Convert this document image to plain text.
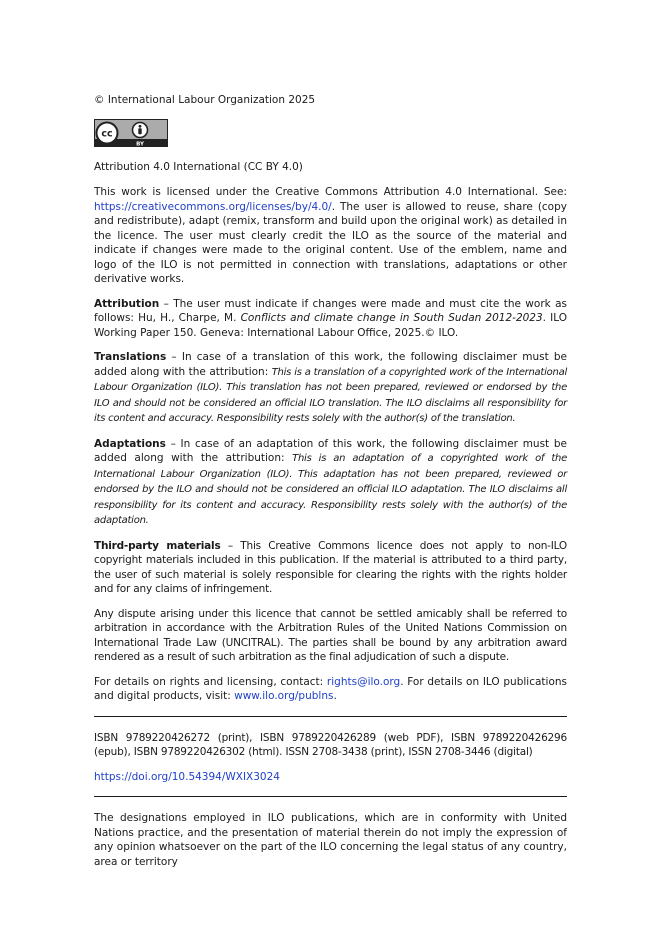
© International Labour Organization 2025

cc
BY

Attribution 4.0 International (CC BY 4.0)

This work is licensed under the Creative Commons Attribution 4.0 International. See: https://creativecommons.org/licenses/by/4.0/. The user is allowed to reuse, share (copy and redistribute), adapt (remix, transform and build upon the original work) as detailed in the licence. The user must clearly credit the ILO as the source of the material and indicate if changes were made to the original content. Use of the emblem, name and logo of the ILO is not permitted in connection with translations, adaptations or other derivative works.

Attribution – The user must indicate if changes were made and must cite the work as follows: Hu, H., Charpe, M. Conflicts and climate change in South Sudan 2012-2023. ILO Working Paper 150. Geneva: International Labour Office, 2025.© ILO.

Translations – In case of a translation of this work, the following disclaimer must be added along with the attribution: This is a translation of a copyrighted work of the International Labour Organization (ILO). This translation has not been prepared, reviewed or endorsed by the ILO and should not be considered an official ILO translation. The ILO disclaims all responsibility for its content and accuracy. Responsibility rests solely with the author(s) of the translation.

Adaptations – In case of an adaptation of this work, the following disclaimer must be added along with the attribution: This is an adaptation of a copyrighted work of the International Labour Organization (ILO). This adaptation has not been prepared, reviewed or endorsed by the ILO and should not be considered an official ILO adaptation. The ILO disclaims all responsibility for its content and accuracy. Responsibility rests solely with the author(s) of the adaptation.

Third-party materials – This Creative Commons licence does not apply to non-ILO copyright materials included in this publication. If the material is attributed to a third party, the user of such material is solely responsible for clearing the rights with the rights holder and for any claims of infringement.

Any dispute arising under this licence that cannot be settled amicably shall be referred to arbitration in accordance with the Arbitration Rules of the United Nations Commission on International Trade Law (UNCITRAL). The parties shall be bound by any arbitration award rendered as a result of such arbitration as the final adjudication of such a dispute.

For details on rights and licensing, contact: rights@ilo.org. For details on ILO publications and digital products, visit: www.ilo.org/publns.

ISBN 9789220426272 (print), ISBN 9789220426289 (web PDF), ISBN 9789220426296 (epub), ISBN 9789220426302 (html). ISSN 2708-3438 (print), ISSN 2708-3446 (digital)

https://doi.org/10.54394/WXIX3024

The designations employed in ILO publications, which are in conformity with United Nations practice, and the presentation of material therein do not imply the expression of any opinion whatsoever on the part of the ILO concerning the legal status of any country, area or territory
